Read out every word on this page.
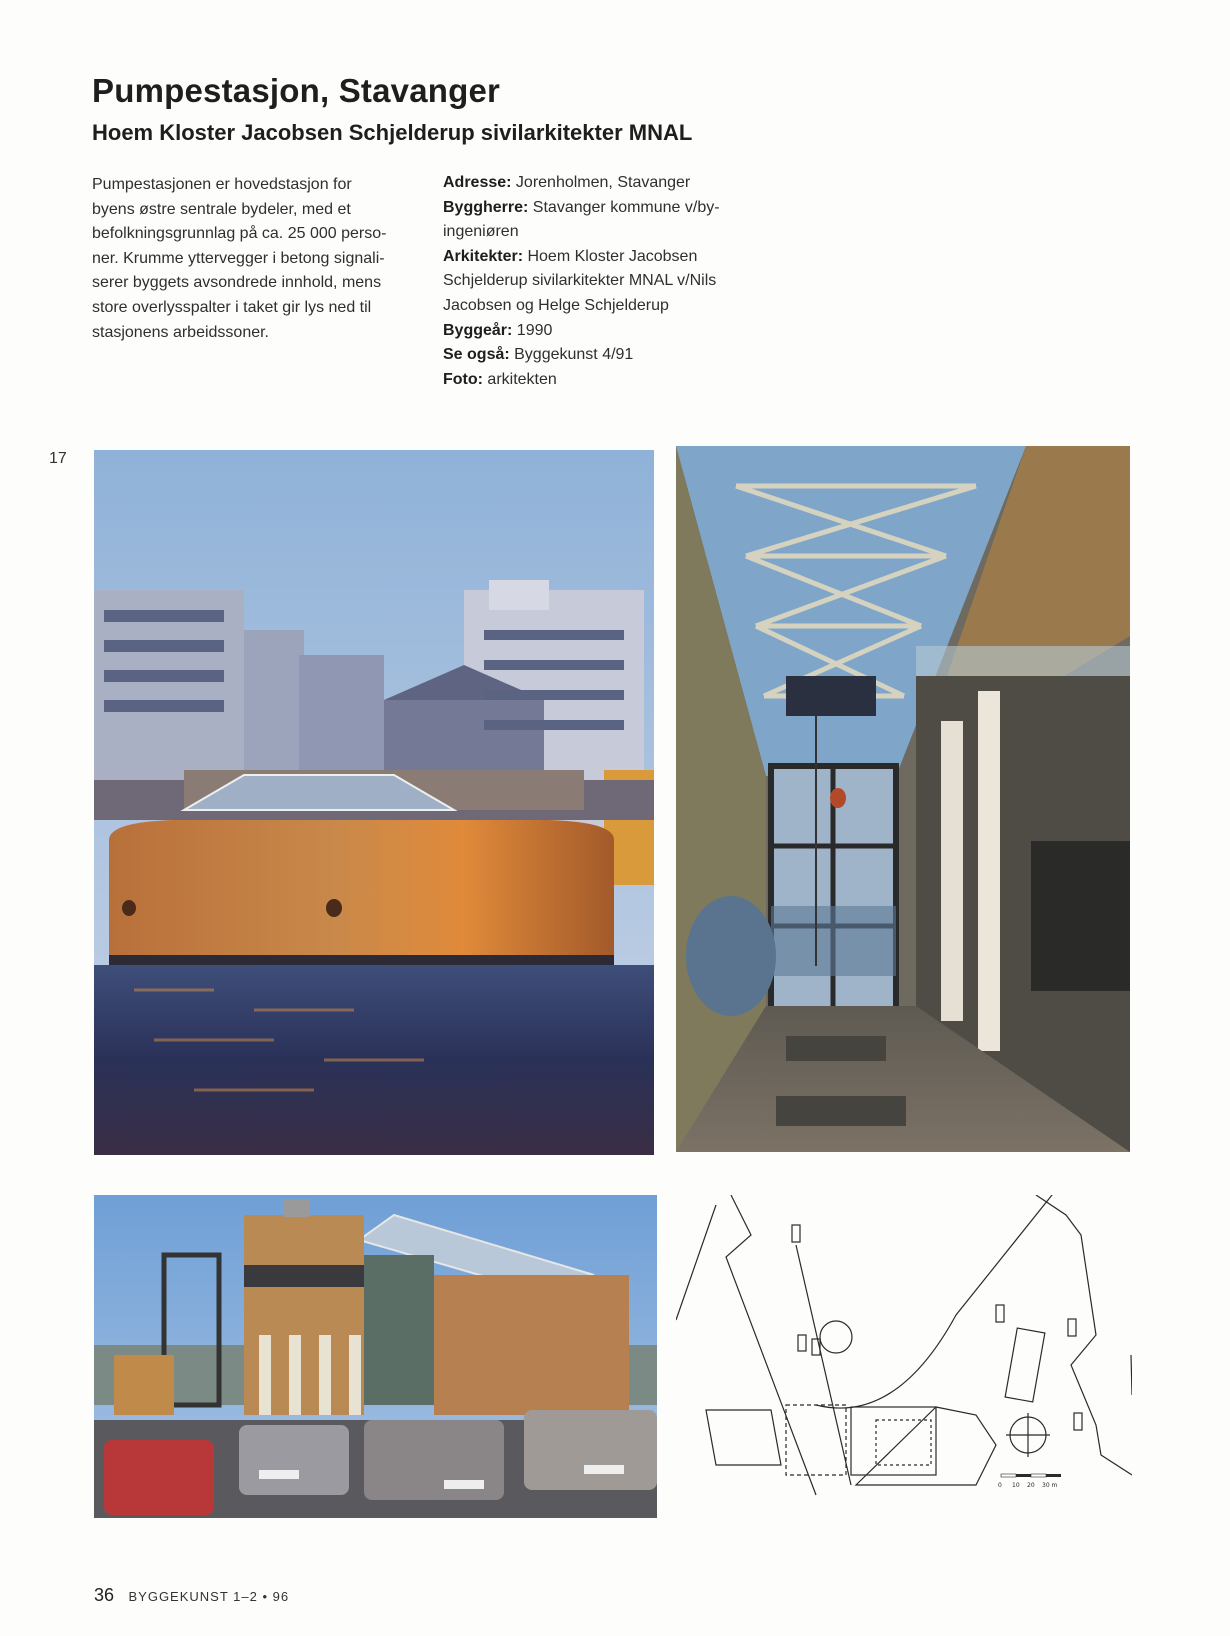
Pumpestasjon, Stavanger
Hoem Kloster Jacobsen Schjelderup sivilarkitekter MNAL

Pumpestasjonen er hovedstasjon for

byens østre sentrale bydeler, med et

befolkningsgrunnlag på ca. 25 000 perso-

ner. Krumme yttervegger i betong signali-

serer byggets avsondrede innhold, mens

store overlysspalter i taket gir lys ned til

stasjonens arbeidssoner.

Adresse: Jorenholmen, Stavanger

Byggherre: Stavanger kommune v/by-

ingeniøren

Arkitekter: Hoem Kloster Jacobsen

Schjelderup sivilarkitekter MNAL v/Nils

Jacobsen og Helge Schjelderup

Byggeår: 1990

Se også: Byggekunst 4/91

Foto: arkitekten

17
0 10 20 30 m
36 BYGGEKUNST 1–2 • 96
